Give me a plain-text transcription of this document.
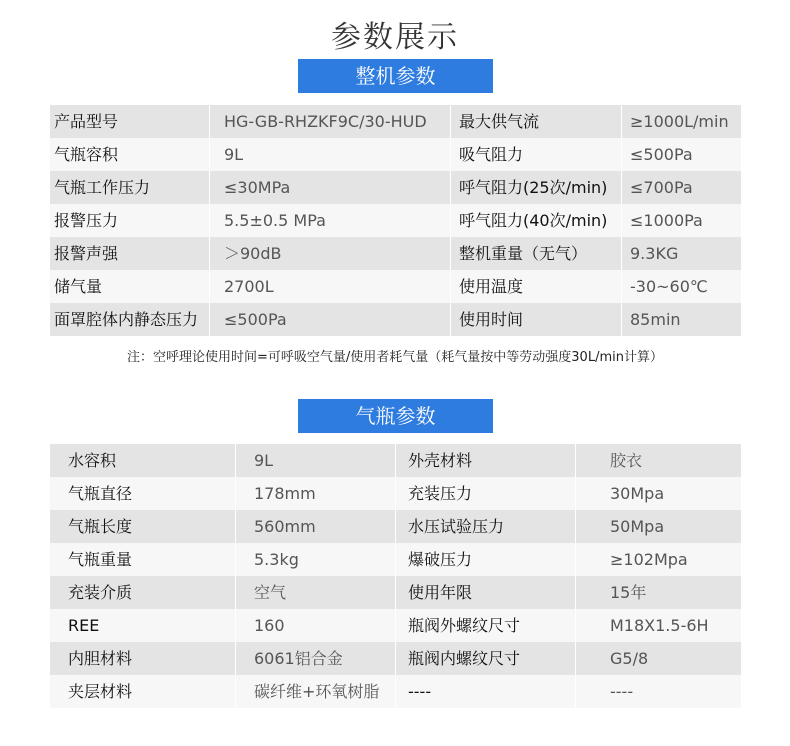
参数展示
整机参数
产品型号	HG-GB-RHZKF9C/30-HUD	最大供气流	≥1000L/min
气瓶容积	9L	吸气阻力	≤500Pa
气瓶工作压力	≤30MPa	呼气阻力(25次/min)	≤700Pa
报警压力	5.5±0.5 MPa	呼气阻力(40次/min)	≤1000Pa
报警声强	＞90dB	整机重量（无气）	9.3KG
储气量	2700L	使用温度	-30~60℃
面罩腔体内静态压力	≤500Pa	使用时间	85min
注：空呼理论使用时间=可呼吸空气量/使用者耗气量（耗气量按中等劳动强度30L/min计算）
气瓶参数
水容积	9L	外壳材料	胶衣
气瓶直径	178mm	充装压力	30Mpa
气瓶长度	560mm	水压试验压力	50Mpa
气瓶重量	5.3kg	爆破压力	≥102Mpa
充装介质	空气	使用年限	15年
REE	160	瓶阀外螺纹尺寸	M18X1.5-6H
内胆材料	6061铝合金	瓶阀内螺纹尺寸	G5/8
夹层材料	碳纤维+环氧树脂	----	----
